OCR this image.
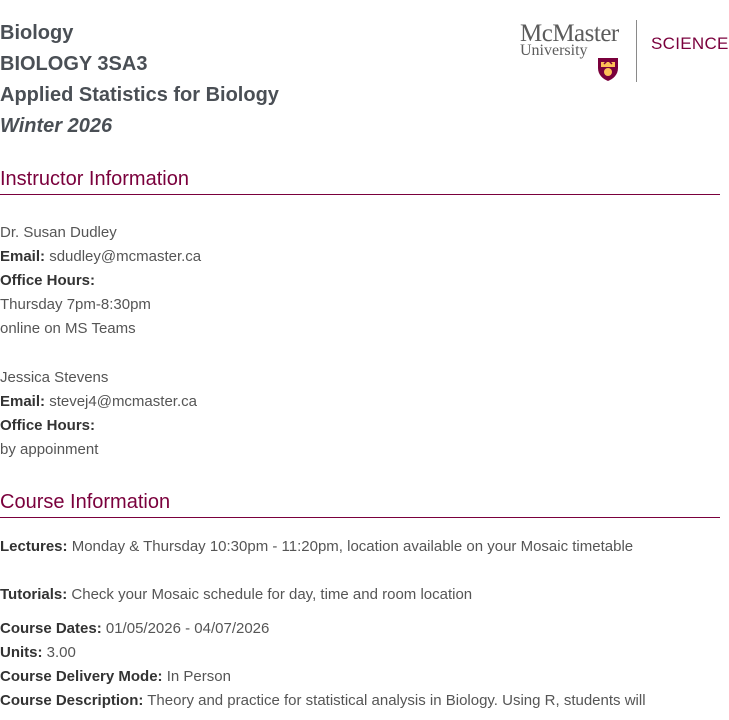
Biology
BIOLOGY 3SA3
Applied Statistics for Biology
Winter 2026
McMaster
University	SCIENCE
Instructor Information
Dr. Susan Dudley
Email: sdudley@mcmaster.ca
Office Hours:
Thursday 7pm-8:30pm
online on MS Teams
Jessica Stevens
Email: stevej4@mcmaster.ca
Office Hours:
by appoinment
Course Information
Lectures: Monday & Thursday 10:30pm - 11:20pm, location available on your Mosaic timetable
Tutorials: Check your Mosaic schedule for day, time and room location
Course Dates: 01/05/2026 - 04/07/2026
Units: 3.00
Course Delivery Mode: In Person
Course Description: Theory and practice for statistical analysis in Biology. Using R, students will
